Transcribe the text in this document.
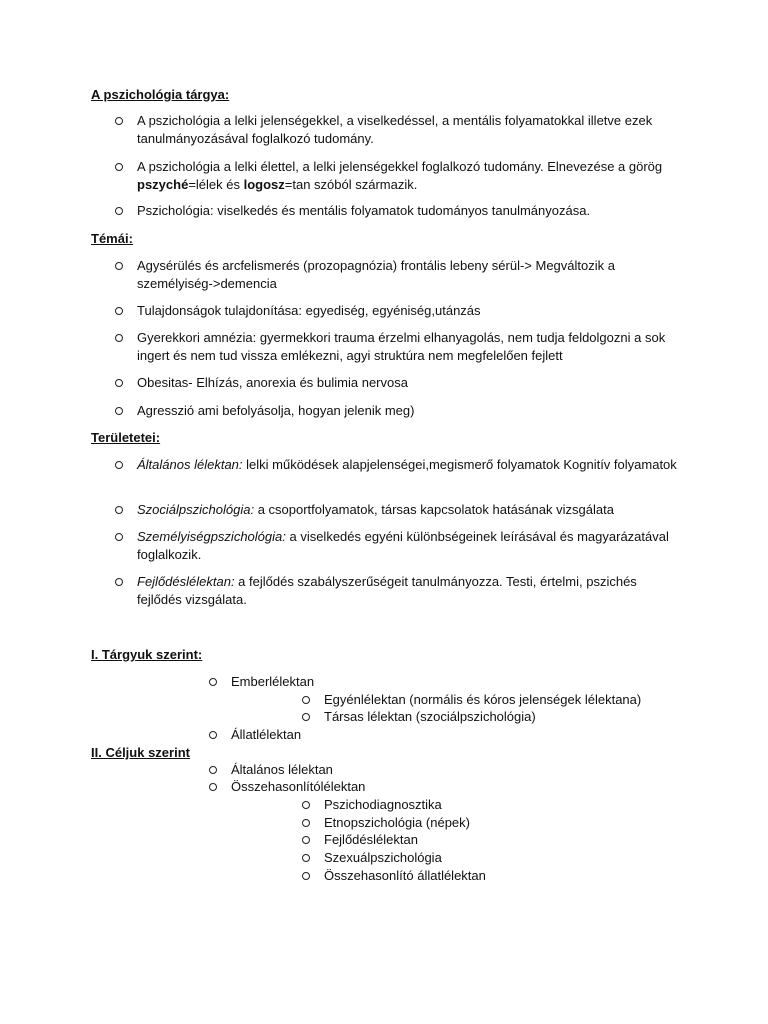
A pszichológia tárgya:
A pszichológia a lelki jelenségekkel, a viselkedéssel, a mentális folyamatokkal illetve ezek tanulmányozásával foglalkozó tudomány.
A pszichológia a lelki élettel, a lelki jelenségekkel foglalkozó tudomány. Elnevezése a görög pszyché=lélek és logosz=tan szóból származik.
Pszichológia: viselkedés és mentális folyamatok tudományos tanulmányozása.
Témái:
Agysérülés és arcfelismerés (prozopagnózia) frontális lebeny sérül-> Megváltozik a személyiség->demencia
Tulajdonságok tulajdonítása: egyediség, egyéniség,utánzás
Gyerekkori amnézia: gyermekkori trauma érzelmi elhanyagolás, nem tudja feldolgozni a sok ingert és nem tud vissza emlékezni, agyi struktúra nem megfelelően fejlett
Obesitas- Elhízás, anorexia és bulimia nervosa
Agresszió ami befolyásolja, hogyan jelenik meg)
Területetei:
Általános lélektan: lelki működések alapjelenségei,megismerő folyamatok Kognitív folyamatok
Szociálpszichológia: a csoportfolyamatok, társas kapcsolatok hatásának vizsgálata
Személyiségpszichológia: a viselkedés egyéni különbségeinek leírásával és magyarázatával foglalkozik.
Fejlődéslélektan: a fejlődés szabályszerűségeit tanulmányozza. Testi, értelmi, pszichés fejlődés vizsgálata.
I. Tárgyuk szerint:
Emberlélektan
Egyénlélektan (normális és kóros jelenségek lélektana)
Társas lélektan (szociálpszichológia)
Állatlélektan
II. Céljuk szerint
Általános lélektan
Összehasonlítólélektan
Pszichodiagnosztika
Etnopszichológia (népek)
Fejlődéslélektan
Szexuálpszichológia
Összehasonlító állatlélektan
